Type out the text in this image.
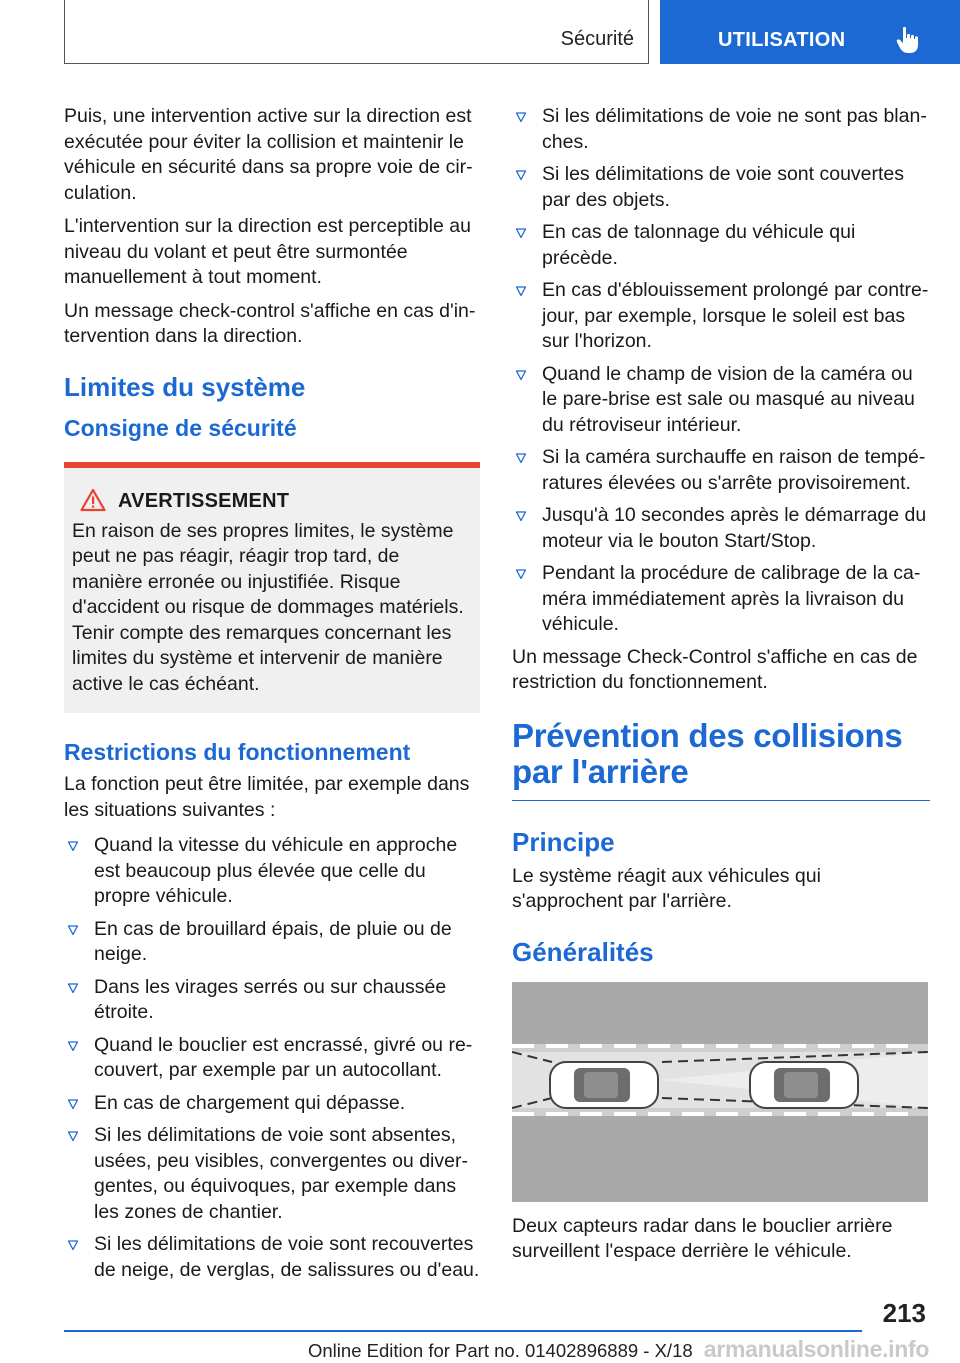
Sécurité	UTILISATION

Puis, une intervention active sur la direction est exécutée pour éviter la collision et maintenir le véhicule en sécurité dans sa propre voie de circulation.

L'intervention sur la direction est perceptible au niveau du volant et peut être surmontée manuellement à tout moment.

Un message check-control s'affiche en cas d'intervention dans la direction.

Limites du système
Consigne de sécurité
AVERTISSEMENT
En raison de ses propres limites, le système peut ne pas réagir, réagir trop tard, de manière erronée ou injustifiée. Risque d'accident ou risque de dommages matériels. Tenir compte des remarques concernant les limites du système et intervenir de manière active le cas échéant.
Restrictions du fonctionnement

La fonction peut être limitée, par exemple dans les situations suivantes :

Quand la vitesse du véhicule en approche est beaucoup plus élevée que celle du propre véhicule.
En cas de brouillard épais, de pluie ou de neige.
Dans les virages serrés ou sur chaussée étroite.
Quand le bouclier est encrassé, givré ou recouvert, par exemple par un autocollant.
En cas de chargement qui dépasse.
Si les délimitations de voie sont absentes, usées, peu visibles, convergentes ou divergentes, ou équivoques, par exemple dans les zones de chantier.
Si les délimitations de voie sont recouvertes de neige, de verglas, de salissures ou d'eau.
Si les délimitations de voie ne sont pas blanches.
Si les délimitations de voie sont couvertes par des objets.
En cas de talonnage du véhicule qui précède.
En cas d'éblouissement prolongé par contre-jour, par exemple, lorsque le soleil est bas sur l'horizon.
Quand le champ de vision de la caméra ou le pare-brise est sale ou masqué au niveau du rétroviseur intérieur.
Si la caméra surchauffe en raison de températures élevées ou s'arrête provisoirement.
Jusqu'à 10 secondes après le démarrage du moteur via le bouton Start/Stop.
Pendant la procédure de calibrage de la caméra immédiatement après la livraison du véhicule.

Un message Check-Control s'affiche en cas de restriction du fonctionnement.

Prévention des collisions par l'arrière
Principe

Le système réagit aux véhicules qui s'approchent par l'arrière.

Généralités

Deux capteurs radar dans le bouclier arrière surveillent l'espace derrière le véhicule.

213
Online Edition for Part no. 01402896889 - X/18 armanualsonline.info
